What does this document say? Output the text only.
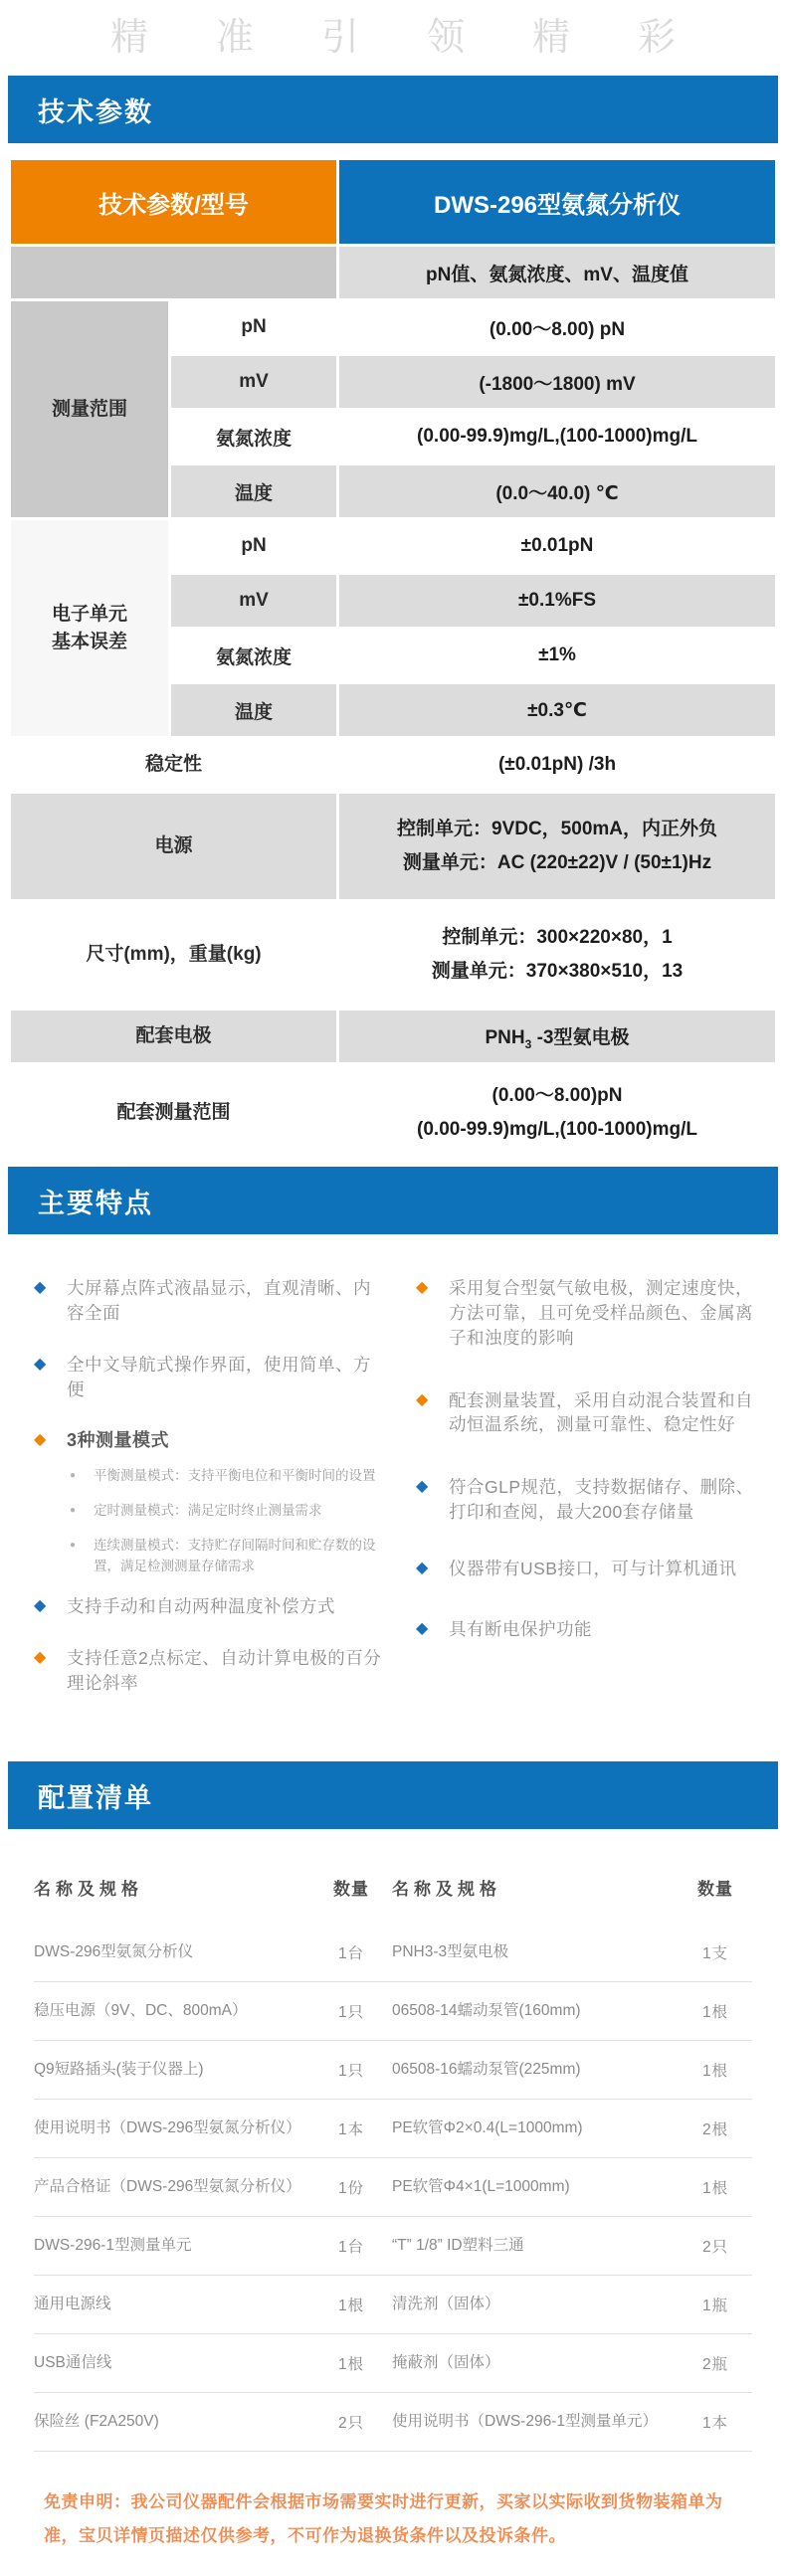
精准引领精彩
技术参数
技术参数/型号		DWS-296型氨氮分析仪
		pN值、氨氮浓度、mV、温度值
测量范围	pN	(0.00～8.00) pN
	mV	(-1800～1800) mV
	氨氮浓度	(0.00-99.9)mg/L,(100-1000)mg/L
	温度	(0.0～40.0) ℃

电子单元
基本误差	pN	±0.01pN
	mV	±0.1%FS
	氨氮浓度	±1%
	温度	±0.3℃
稳定性		(±0.01pN) /3h
电源		控制单元：9VDC，500mA，内正外负
测量单元：AC (220±22)V / (50±1)Hz

尺寸(mm)，重量(kg)		控制单元：300×220×80，1
测量单元：370×380×510，13

配套电极		$PNH_3$ -3型氨电极
配套测量范围		(0.00～8.00)pN
(0.00-99.9)mg/L,(100-1000)mg/L
主要特点
◆	大屏幕点阵式液晶显示，直观清晰、内容全面
◆	全中文导航式操作界面，使用简单、方便
◆	3种测量模式
●	平衡测量模式：支持平衡电位和平衡时间的设置
●	定时测量模式：满足定时终止测量需求
●	连续测量模式：支持贮存间隔时间和贮存数的设置，满足检测测量存储需求
◆	支持手动和自动两种温度补偿方式
◆	支持任意2点标定、自动计算电极的百分理论斜率
◆	采用复合型氨气敏电极，测定速度快，方法可靠，且可免受样品颜色、金属离子和浊度的影响
◆	配套测量装置，采用自动混合装置和自动恒温系统，测量可靠性、稳定性好
◆	符合GLP规范，支持数据储存、删除、打印和查阅，最大200套存储量
◆	仪器带有USB接口，可与计算机通讯
◆	具有断电保护功能
配置清单
名称及规格	数量	名称及规格	数量
DWS-296型氨氮分析仪	1台	PNH3-3型氨电极	1支
稳压电源（9V、DC、800mA）	1只	06508-14蠕动泵管(160mm)	1根
Q9短路插头(装于仪器上)	1只	06508-16蠕动泵管(225mm)	1根
使用说明书（DWS-296型氨氮分析仪）	1本	PE软管Φ2×0.4(L=1000mm)	2根
产品合格证（DWS-296型氨氮分析仪）	1份	PE软管Φ4×1(L=1000mm)	1根
DWS-296-1型测量单元	1台	“T” 1/8” ID塑料三通	2只
通用电源线	1根	清洗剂（固体）	1瓶
USB通信线	1根	掩蔽剂（固体）	2瓶
保险丝 (F2A250V)	2只	使用说明书（DWS-296-1型测量单元）	1本
免责申明：我公司仪器配件会根据市场需要实时进行更新，买家以实际收到货物装箱单为准，宝贝详情页描述仅供参考，不可作为退换货条件以及投诉条件。
